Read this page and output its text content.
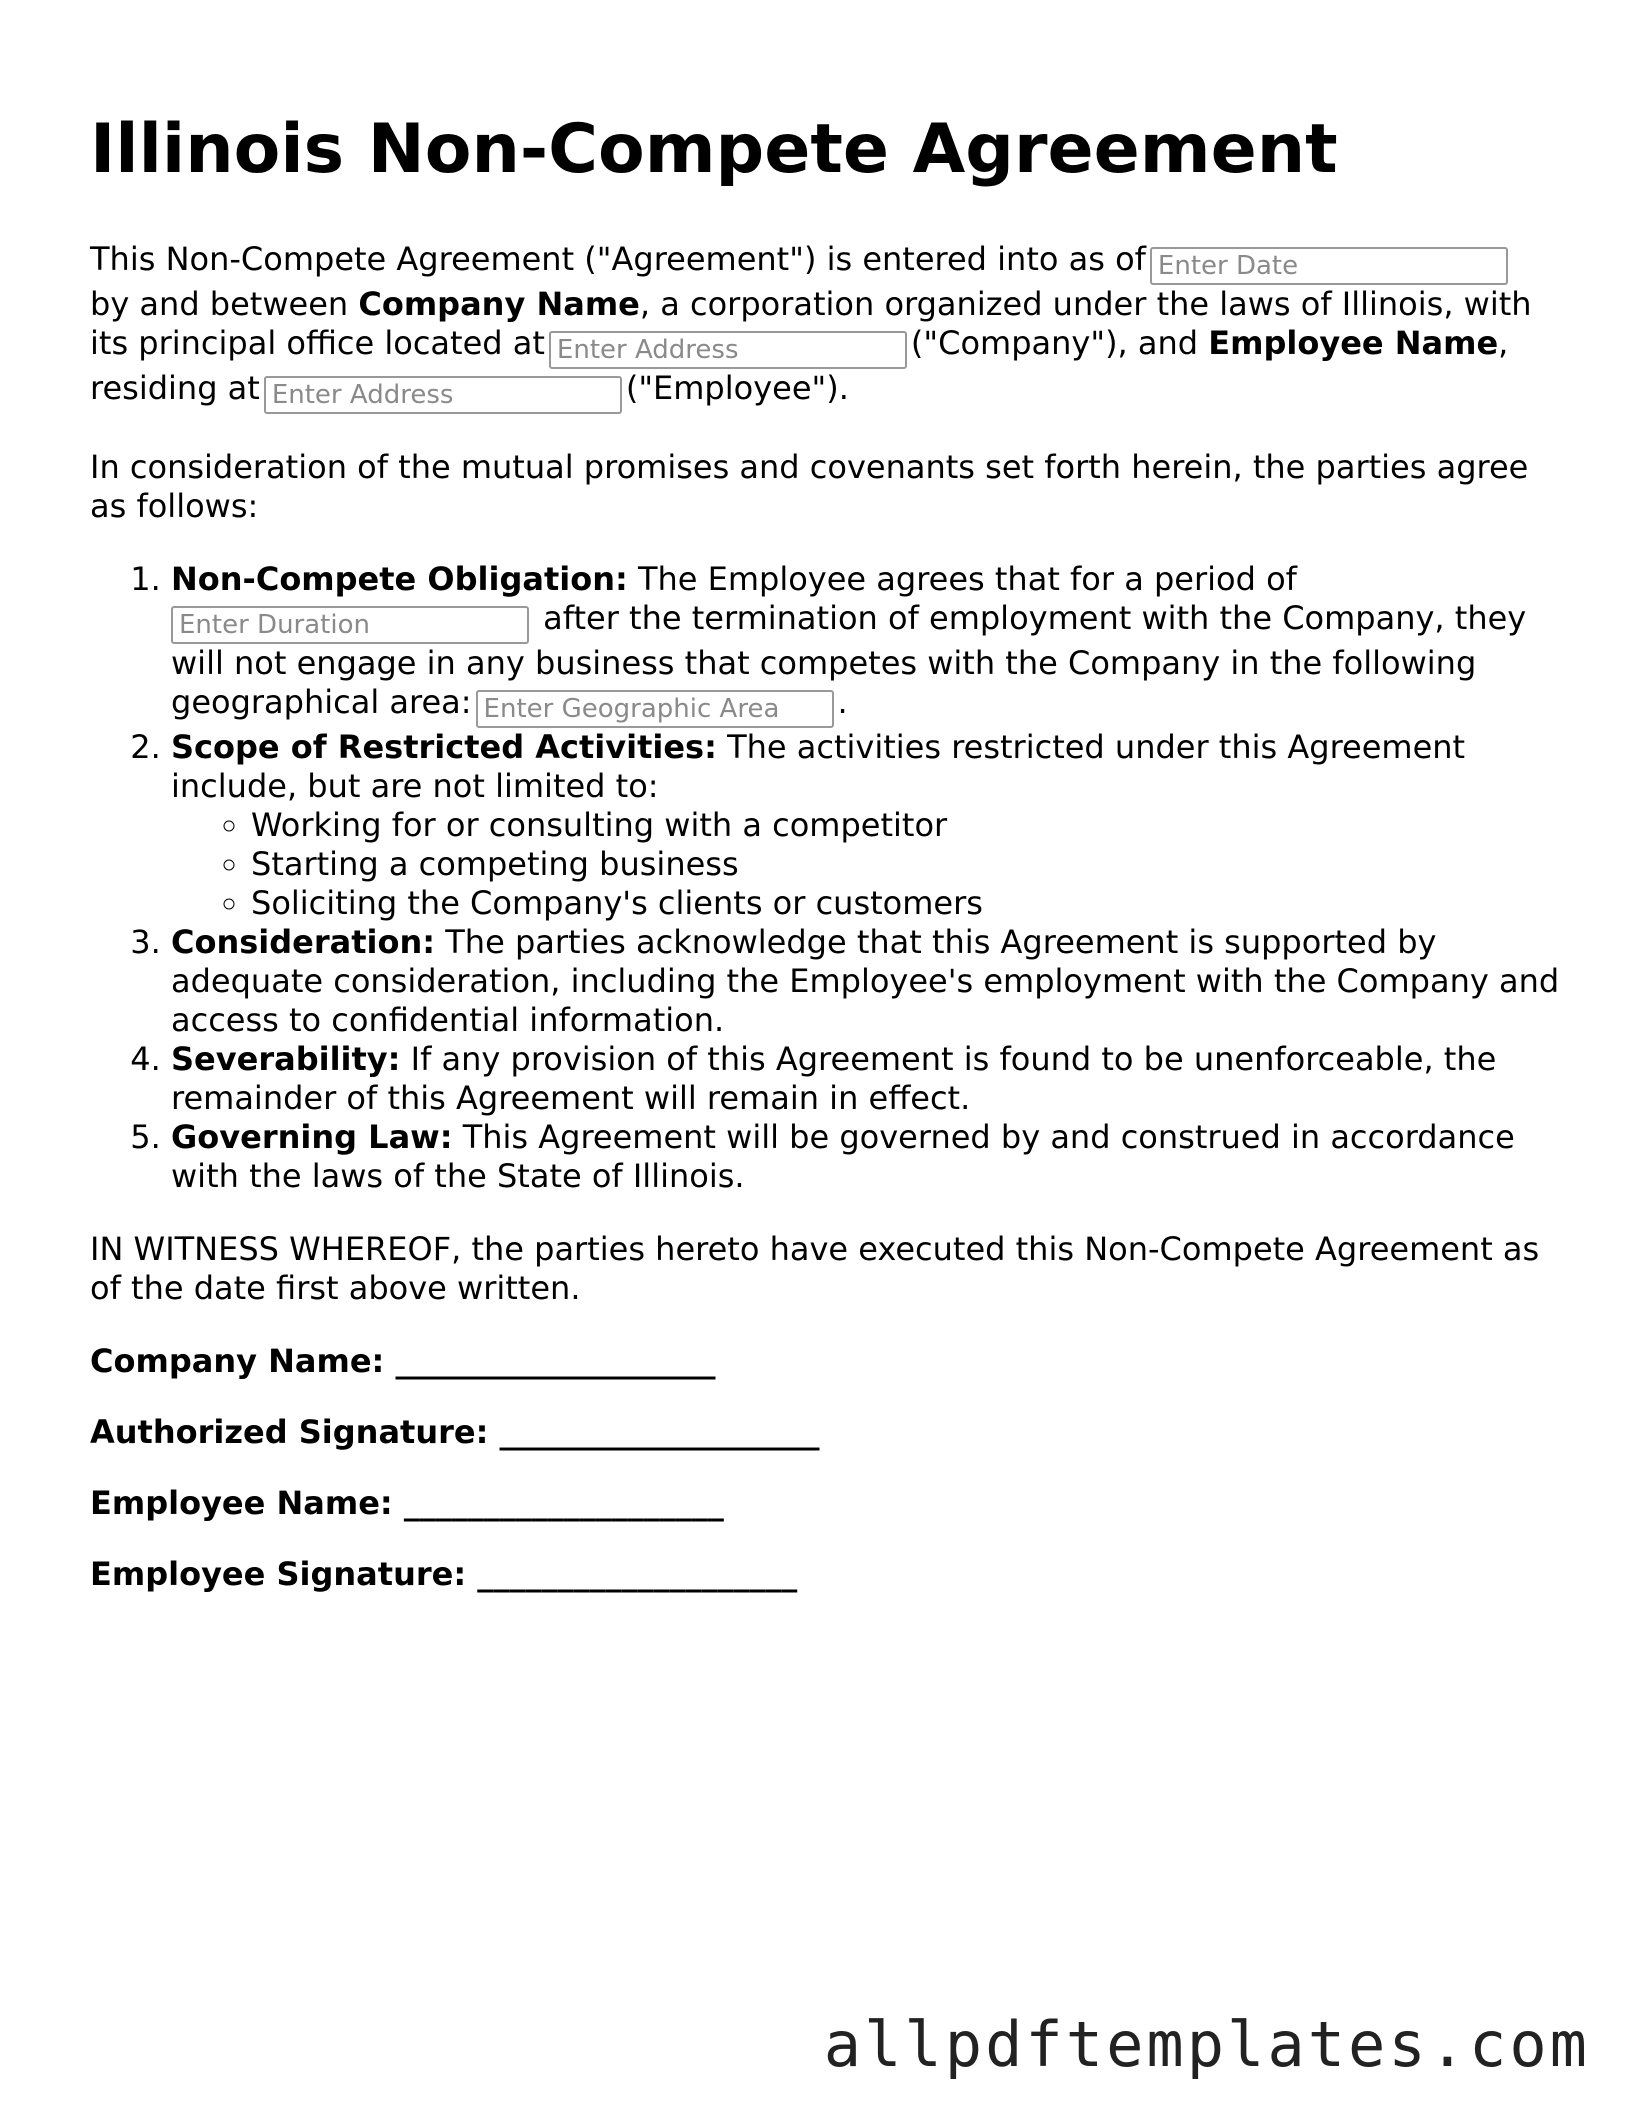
Illinois Non-Compete Agreement

This Non-Compete Agreement ("Agreement") is entered into as ofEnter Date
by and between Company Name, a corporation organized under the laws of Illinois, with its principal office located atEnter Address	("Company"), and Employee Name, residing atEnter Address	("Employee").

In consideration of the mutual promises and covenants set forth herein, the parties agree as follows:

1. Non-Compete Obligation: The Employee agrees that for a period of
Enter Duration after the termination of employment with the Company, they will not engage in any business that competes with the Company in the following geographical area:Enter Geographic Area	.
2. Scope of Restricted Activities: The activities restricted under this Agreement include, but are not limited to:
◦ Working for or consulting with a competitor
◦ Starting a competing business
◦ Soliciting the Company's clients or customers
3. Consideration: The parties acknowledge that this Agreement is supported by adequate consideration, including the Employee's employment with the Company and access to confidential information.
4. Severability: If any provision of this Agreement is found to be unenforceable, the remainder of this Agreement will remain in effect.
5. Governing Law: This Agreement will be governed by and construed in accordance with the laws of the State of Illinois.

IN WITNESS WHEREOF, the parties hereto have executed this Non-Compete Agreement as of the date first above written.

Company Name: ____________________
Authorized Signature: ____________________
Employee Name: ____________________
Employee Signature: ____________________
allpdftemplates.com
